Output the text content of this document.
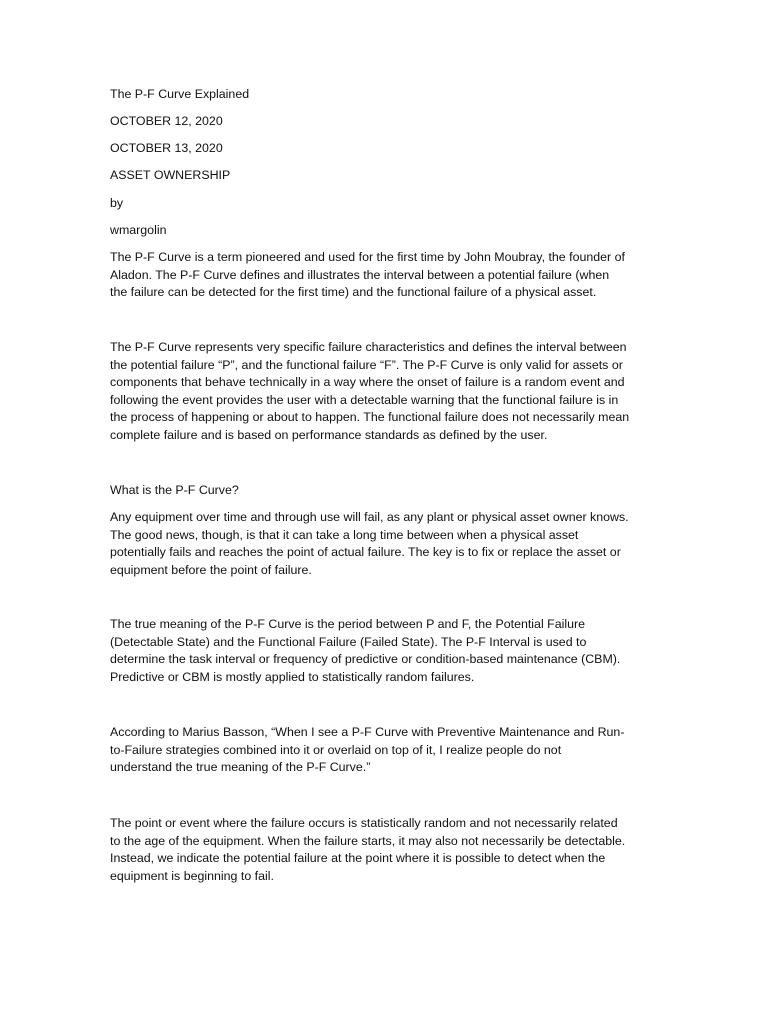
The P-F Curve Explained
OCTOBER 12, 2020
OCTOBER 13, 2020
ASSET OWNERSHIP
by
wmargolin
The P-F Curve is a term pioneered and used for the first time by John Moubray, the founder of
Aladon. The P-F Curve defines and illustrates the interval between a potential failure (when
the failure can be detected for the first time) and the functional failure of a physical asset.
The P-F Curve represents very specific failure characteristics and defines the interval between
the potential failure “P”, and the functional failure “F”. The P-F Curve is only valid for assets or
components that behave technically in a way where the onset of failure is a random event and
following the event provides the user with a detectable warning that the functional failure is in
the process of happening or about to happen. The functional failure does not necessarily mean
complete failure and is based on performance standards as defined by the user.
What is the P-F Curve?
Any equipment over time and through use will fail, as any plant or physical asset owner knows.
The good news, though, is that it can take a long time between when a physical asset
potentially fails and reaches the point of actual failure. The key is to fix or replace the asset or
equipment before the point of failure.
The true meaning of the P-F Curve is the period between P and F, the Potential Failure
(Detectable State) and the Functional Failure (Failed State). The P-F Interval is used to
determine the task interval or frequency of predictive or condition-based maintenance (CBM).
Predictive or CBM is mostly applied to statistically random failures.
According to Marius Basson, “When I see a P-F Curve with Preventive Maintenance and Run-
to-Failure strategies combined into it or overlaid on top of it, I realize people do not
understand the true meaning of the P-F Curve.”
The point or event where the failure occurs is statistically random and not necessarily related
to the age of the equipment. When the failure starts, it may also not necessarily be detectable.
Instead, we indicate the potential failure at the point where it is possible to detect when the
equipment is beginning to fail.
